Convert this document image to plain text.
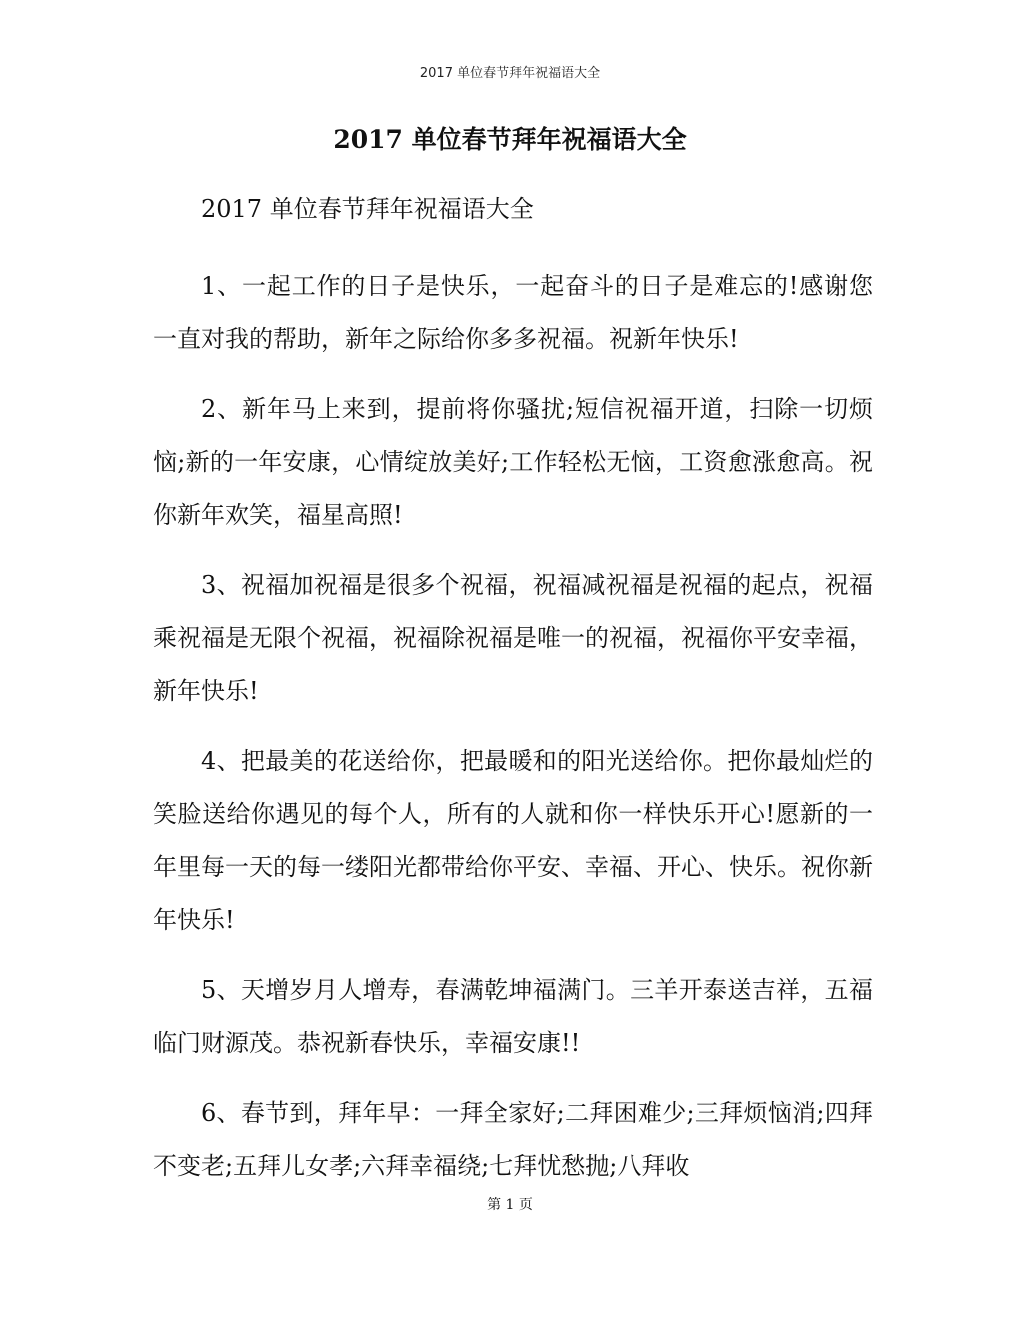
2017 单位春节拜年祝福语大全
2017 单位春节拜年祝福语大全

2017 单位春节拜年祝福语大全

1、一起工作的日子是快乐，一起奋斗的日子是难忘的!感谢您一直对我的帮助，新年之际给你多多祝福。祝新年快乐!

2、新年马上来到，提前将你骚扰;短信祝福开道，扫除一切烦恼;新的一年安康，心情绽放美好;工作轻松无恼，工资愈涨愈高。祝你新年欢笑，福星高照!

3、祝福加祝福是很多个祝福，祝福减祝福是祝福的起点，祝福乘祝福是无限个祝福，祝福除祝福是唯一的祝福，祝福你平安幸福，新年快乐!

4、把最美的花送给你，把最暖和的阳光送给你。把你最灿烂的笑脸送给你遇见的每个人，所有的人就和你一样快乐开心!愿新的一年里每一天的每一缕阳光都带给你平安、幸福、开心、快乐。祝你新年快乐!

5、天增岁月人增寿，春满乾坤福满门。三羊开泰送吉祥，五福临门财源茂。恭祝新春快乐，幸福安康!!

6、春节到，拜年早：一拜全家好;二拜困难少;三拜烦恼消;四拜不变老;五拜儿女孝;六拜幸福绕;七拜忧愁抛;八拜收

第 1 页
